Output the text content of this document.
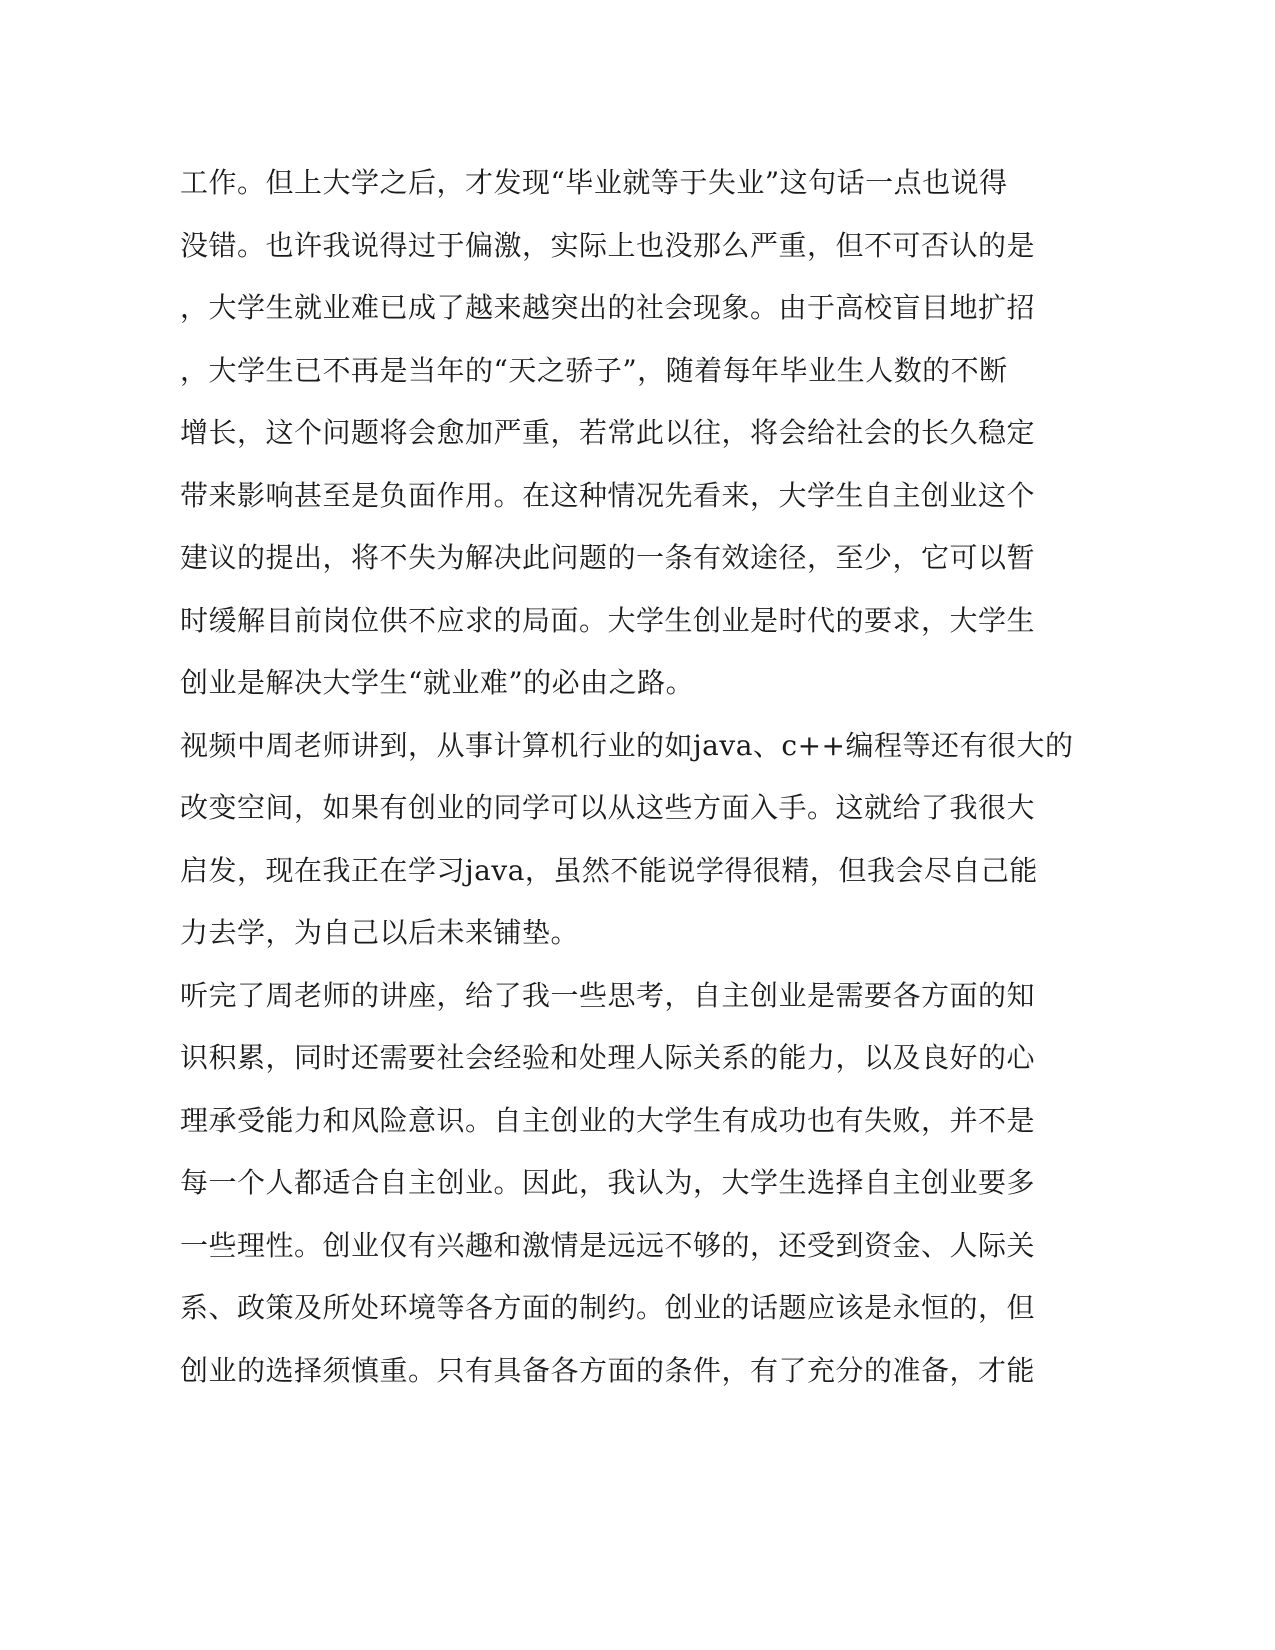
工作。但上大学之后，才发现“毕业就等于失业”这句话一点也说得
没错。也许我说得过于偏激，实际上也没那么严重，但不可否认的是
，大学生就业难已成了越来越突出的社会现象。由于高校盲目地扩招
，大学生已不再是当年的“天之骄子”，随着每年毕业生人数的不断
增长，这个问题将会愈加严重，若常此以往，将会给社会的长久稳定
带来影响甚至是负面作用。在这种情况先看来，大学生自主创业这个
建议的提出，将不失为解决此问题的一条有效途径，至少，它可以暂
时缓解目前岗位供不应求的局面。大学生创业是时代的要求，大学生
创业是解决大学生“就业难”的必由之路。
视频中周老师讲到，从事计算机行业的如java、c++编程等还有很大的
改变空间，如果有创业的同学可以从这些方面入手。这就给了我很大
启发，现在我正在学习java，虽然不能说学得很精，但我会尽自己能
力去学，为自己以后未来铺垫。
听完了周老师的讲座，给了我一些思考，自主创业是需要各方面的知
识积累，同时还需要社会经验和处理人际关系的能力，以及良好的心
理承受能力和风险意识。自主创业的大学生有成功也有失败，并不是
每一个人都适合自主创业。因此，我认为，大学生选择自主创业要多
一些理性。创业仅有兴趣和激情是远远不够的，还受到资金、人际关
系、政策及所处环境等各方面的制约。创业的话题应该是永恒的，但
创业的选择须慎重。只有具备各方面的条件，有了充分的准备，才能
